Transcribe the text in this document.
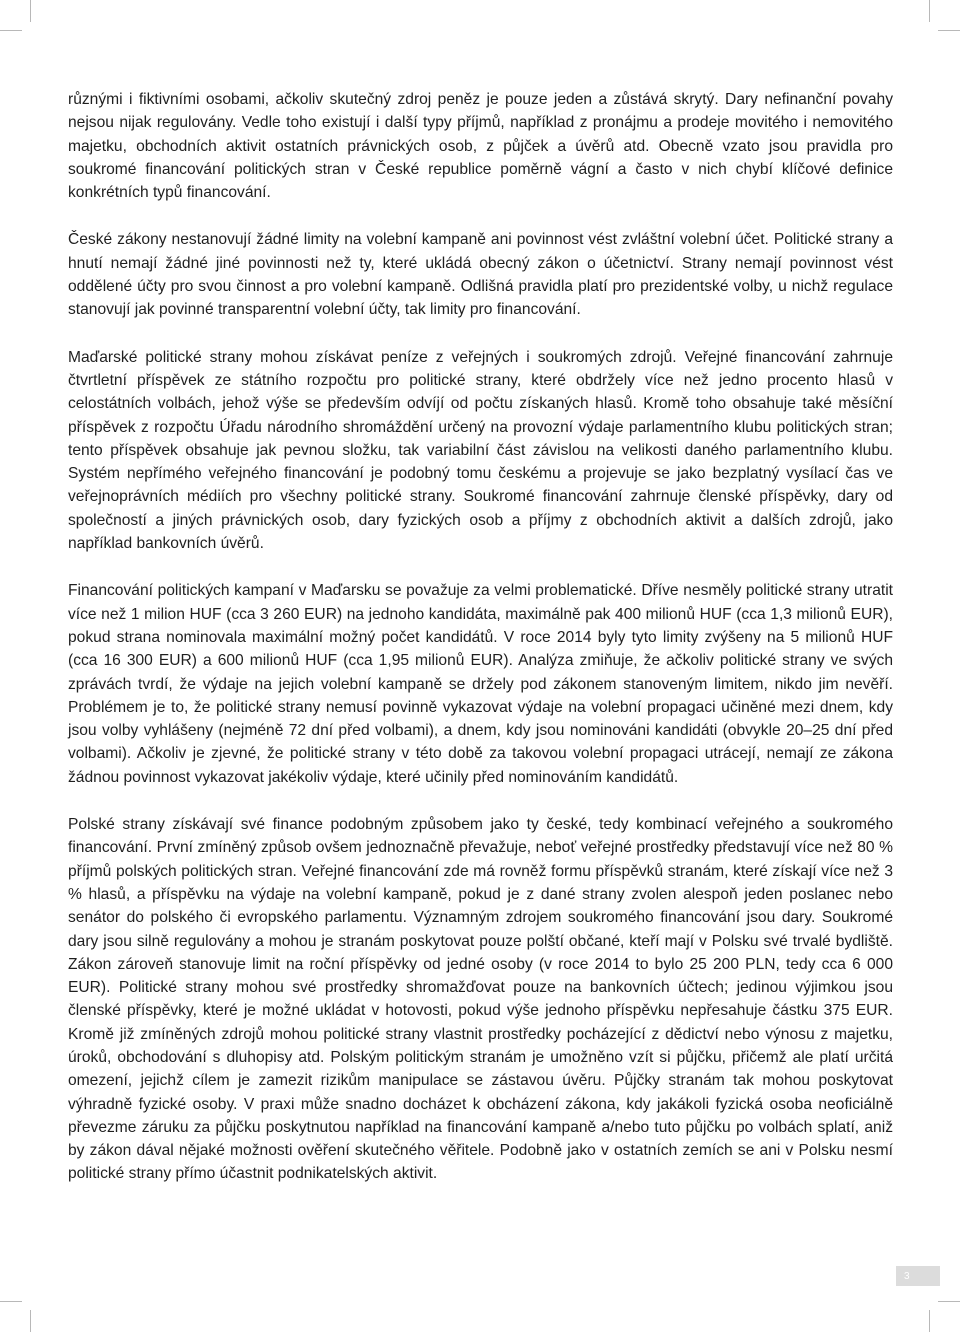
různými i fiktivními osobami, ačkoliv skutečný zdroj peněz je pouze jeden a zůstává skrytý. Dary nefinanční povahy nejsou nijak regulovány. Vedle toho existují i další typy příjmů, například z pronájmu a prodeje movitého i nemovitého majetku, obchodních aktivit ostatních právnických osob, z půjček a úvěrů atd. Obecně vzato jsou pravidla pro soukromé financování politických stran v České republice poměrně vágní a často v nich chybí klíčové definice konkrétních typů financování.

České zákony nestanovují žádné limity na volební kampaně ani povinnost vést zvláštní volební účet. Politické strany a hnutí nemají žádné jiné povinnosti než ty, které ukládá obecný zákon o účetnictví. Strany nemají povinnost vést oddělené účty pro svou činnost a pro volební kampaně. Odlišná pravidla platí pro prezidentské volby, u nichž regulace stanovují jak povinné transparentní volební účty, tak limity pro financování.

Maďarské politické strany mohou získávat peníze z veřejných i soukromých zdrojů. Veřejné financování zahrnuje čtvrtletní příspěvek ze státního rozpočtu pro politické strany, které obdržely více než jedno procento hlasů v celostátních volbách, jehož výše se především odvíjí od počtu získaných hlasů. Kromě toho obsahuje také měsíční příspěvek z rozpočtu Úřadu národního shromáždění určený na provozní výdaje parlamentního klubu politických stran; tento příspěvek obsahuje jak pevnou složku, tak variabilní část závislou na velikosti daného parlamentního klubu. Systém nepřímého veřejného financování je podobný tomu českému a projevuje se jako bezplatný vysílací čas ve veřejnoprávních médiích pro všechny politické strany. Soukromé financování zahrnuje členské příspěvky, dary od společností a jiných právnických osob, dary fyzických osob a příjmy z obchodních aktivit a dalších zdrojů, jako například bankovních úvěrů.

Financování politických kampaní v Maďarsku se považuje za velmi problematické. Dříve nesměly politické strany utratit více než 1 milion HUF (cca 3 260 EUR) na jednoho kandidáta, maximálně pak 400 milionů HUF (cca 1,3 milionů EUR), pokud strana nominovala maximální možný počet kandidátů. V roce 2014 byly tyto limity zvýšeny na 5 milionů HUF (cca 16 300 EUR) a 600 milionů HUF (cca 1,95 milionů EUR). Analýza zmiňuje, že ačkoliv politické strany ve svých zprávách tvrdí, že výdaje na jejich volební kampaně se držely pod zákonem stanoveným limitem, nikdo jim nevěří. Problémem je to, že politické strany nemusí povinně vykazovat výdaje na volební propagaci učiněné mezi dnem, kdy jsou volby vyhlášeny (nejméně 72 dní před volbami), a dnem, kdy jsou nominováni kandidáti (obvykle 20–25 dní před volbami). Ačkoliv je zjevné, že politické strany v této době za takovou volební propagaci utrácejí, nemají ze zákona žádnou povinnost vykazovat jakékoliv výdaje, které učinily před nominováním kandidátů.

Polské strany získávají své finance podobným způsobem jako ty české, tedy kombinací veřejného a soukromého financování. První zmíněný způsob ovšem jednoznačně převažuje, neboť veřejné prostředky představují více než 80 % příjmů polských politických stran. Veřejné financování zde má rovněž formu příspěvků stranám, které získají více než 3 % hlasů, a příspěvku na výdaje na volební kampaně, pokud je z dané strany zvolen alespoň jeden poslanec nebo senátor do polského či evropského parlamentu. Významným zdrojem soukromého financování jsou dary. Soukromé dary jsou silně regulovány a mohou je stranám poskytovat pouze polští občané, kteří mají v Polsku své trvalé bydliště. Zákon zároveň stanovuje limit na roční příspěvky od jedné osoby (v roce 2014 to bylo 25 200 PLN, tedy cca 6 000 EUR). Politické strany mohou své prostředky shromažďovat pouze na bankovních účtech; jedinou výjimkou jsou členské příspěvky, které je možné ukládat v hotovosti, pokud výše jednoho příspěvku nepřesahuje částku 375 EUR. Kromě již zmíněných zdrojů mohou politické strany vlastnit prostředky pocházející z dědictví nebo výnosu z majetku, úroků, obchodování s dluhopisy atd. Polským politickým stranám je umožněno vzít si půjčku, přičemž ale platí určitá omezení, jejichž cílem je zamezit rizikům manipulace se zástavou úvěru. Půjčky stranám tak mohou poskytovat výhradně fyzické osoby. V praxi může snadno docházet k obcházení zákona, kdy jakákoli fyzická osoba neoficiálně převezme záruku za půjčku poskytnutou například na financování kampaně a/nebo tuto půjčku po volbách splatí, aniž by zákon dával nějaké možnosti ověření skutečného věřitele. Podobně jako v ostatních zemích se ani v Polsku nesmí politické strany přímo účastnit podnikatelských aktivit.

3
